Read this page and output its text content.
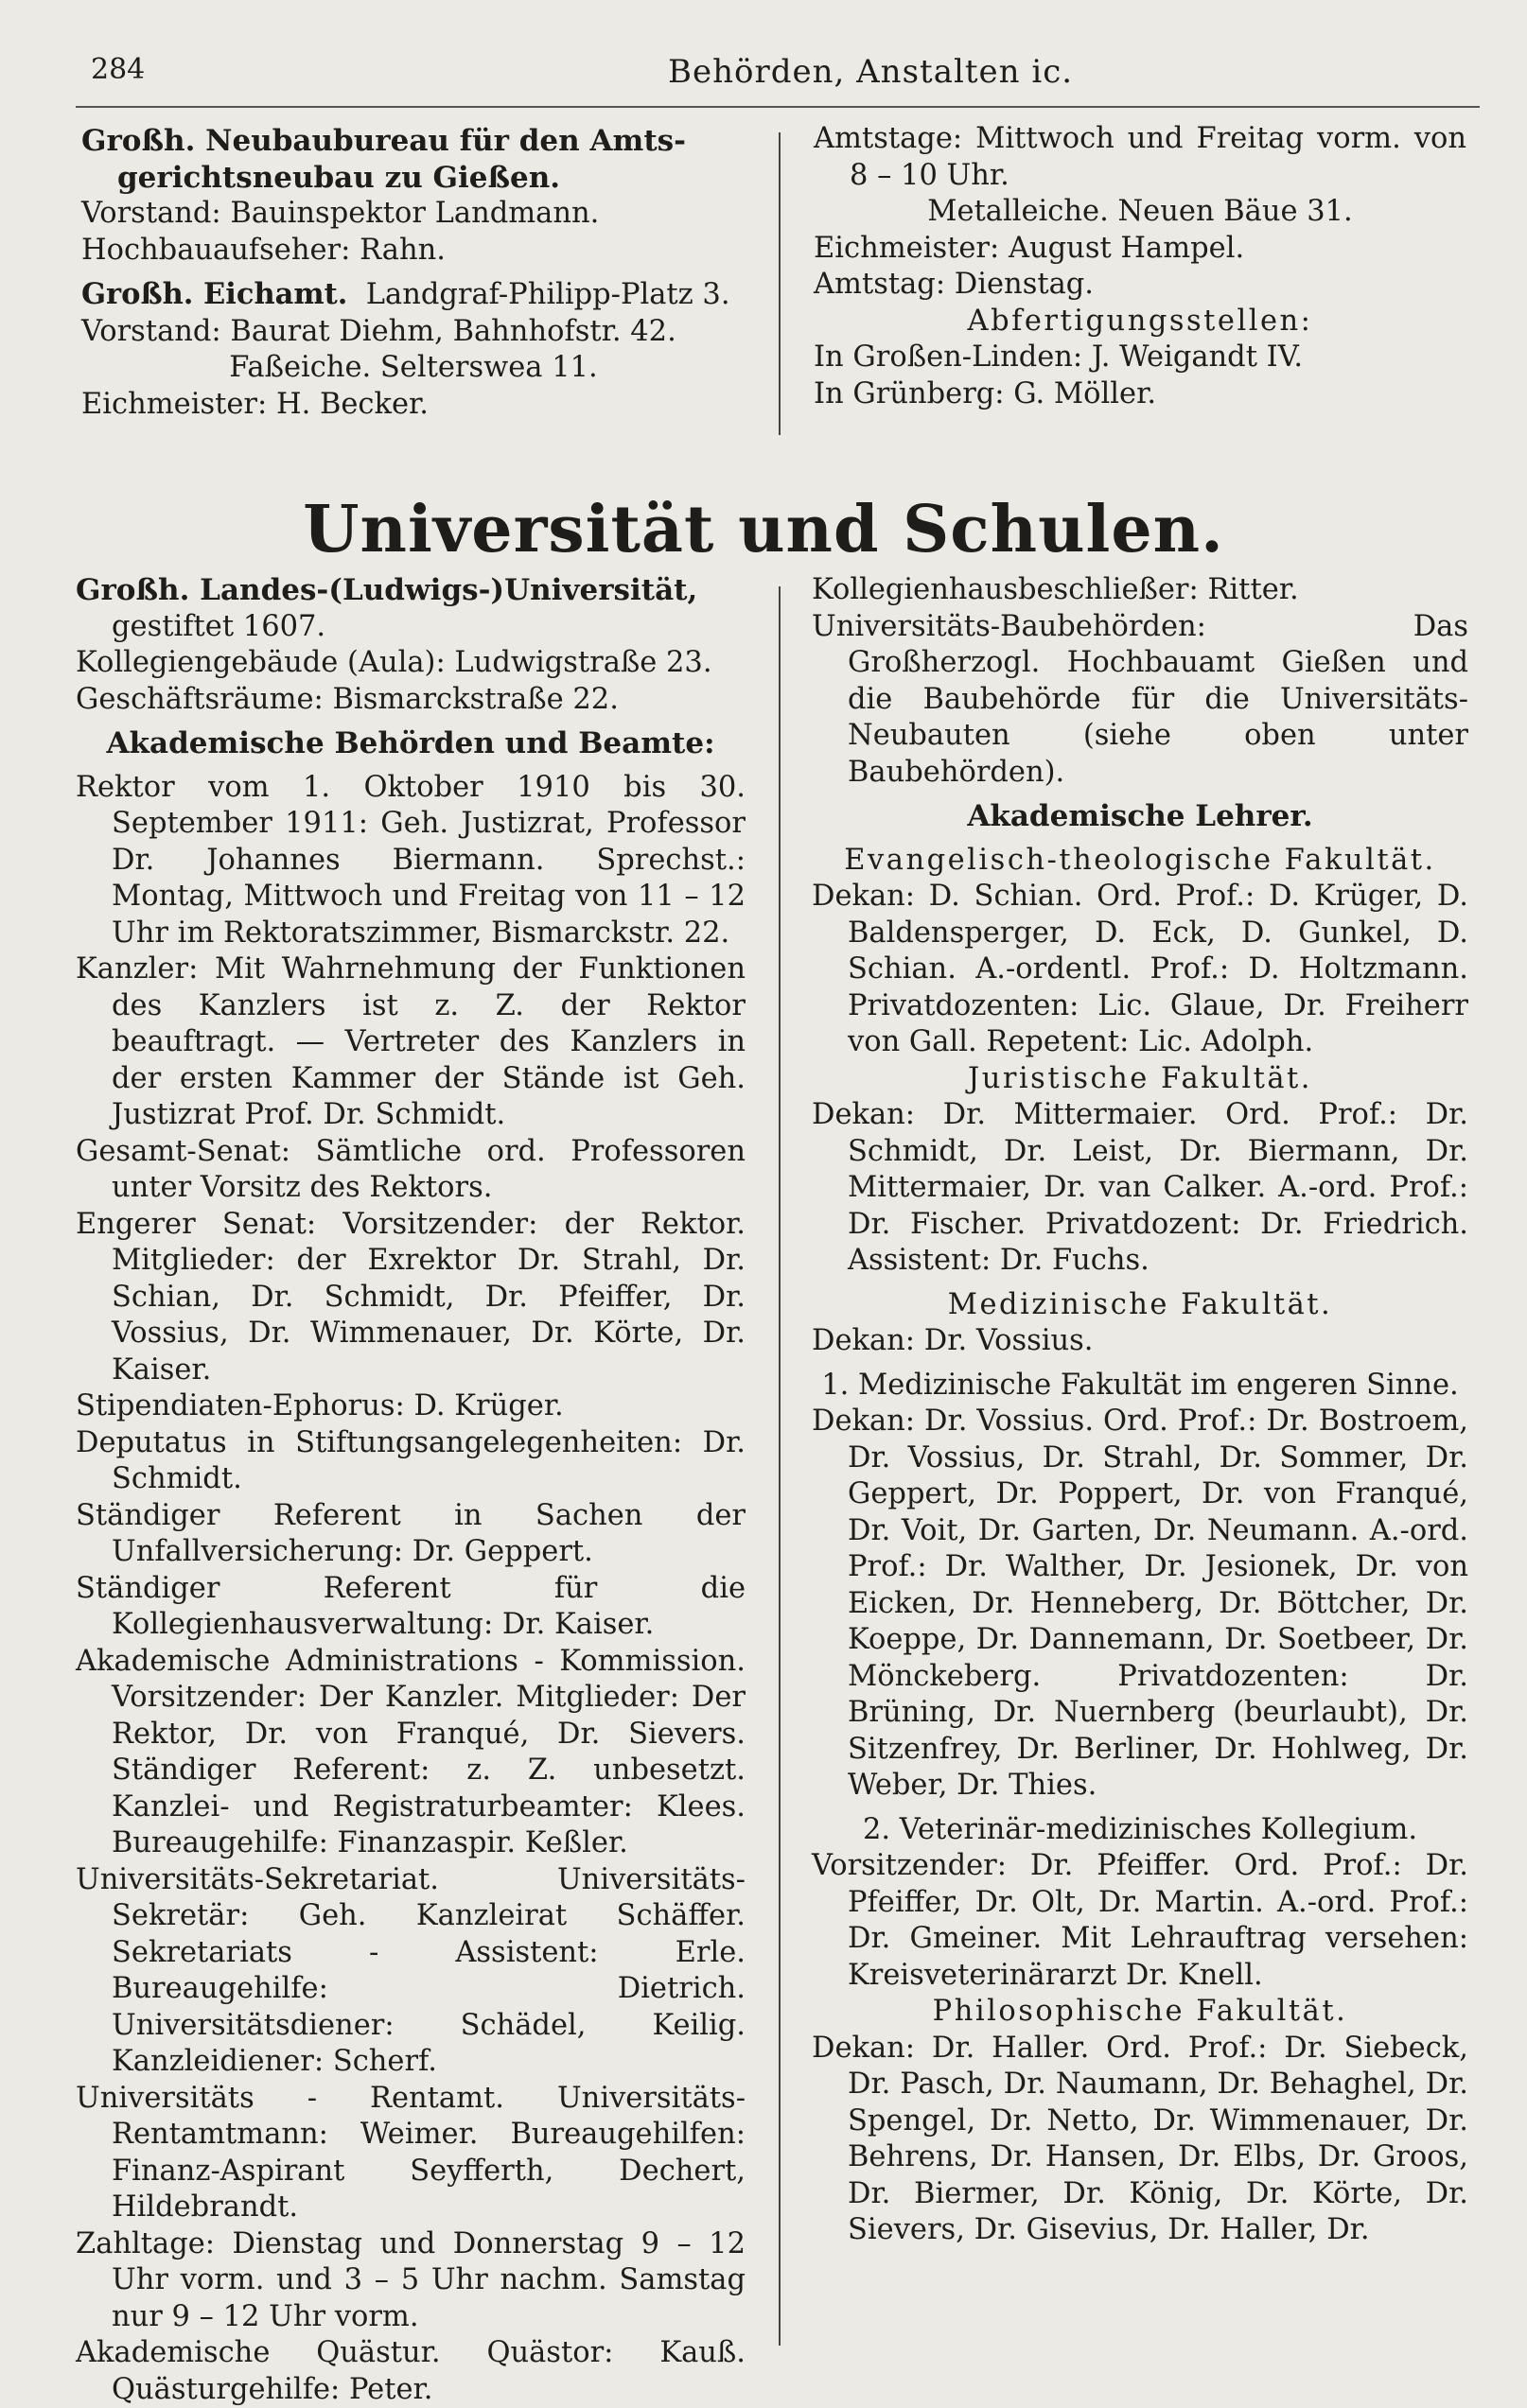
284	Behörden, Anstalten ic.

Großh. Neubaubureau für den Amts-

gerichtsneubau zu Gießen.

Vorstand: Bauinspektor Landmann.

Hochbauaufseher: Rahn.

Großh. Eichamt. Landgraf-Philipp-Platz 3.

Vorstand: Baurat Diehm, Bahnhofstr. 42.

Faßeiche. Selterswea 11.

Eichmeister: H. Becker.

Amtstage: Mittwoch und Freitag vorm. von 8 – 10 Uhr.

Metalleiche. Neuen Bäue 31.

Eichmeister: August Hampel.

Amtstag: Dienstag.

Abfertigungsstellen:

In Großen-Linden: J. Weigandt IV.

In Grünberg: G. Möller.

Universität und Schulen.

Großh. Landes-(Ludwigs-)Universität,

gestiftet 1607.

Kollegiengebäude (Aula): Ludwigstraße 23.

Geschäftsräume: Bismarckstraße 22.

Akademische Behörden und Beamte:

Rektor vom 1. Oktober 1910 bis 30. September 1911: Geh. Justizrat, Professor Dr. Johannes Biermann. Sprechst.: Montag, Mittwoch und Freitag von 11 – 12 Uhr im Rektoratszimmer, Bismarckstr. 22.

Kanzler: Mit Wahrnehmung der Funktionen des Kanzlers ist z. Z. der Rektor beauftragt. — Vertreter des Kanzlers in der ersten Kammer der Stände ist Geh. Justizrat Prof. Dr. Schmidt.

Gesamt-Senat: Sämtliche ord. Professoren unter Vorsitz des Rektors.

Engerer Senat: Vorsitzender: der Rektor. Mitglieder: der Exrektor Dr. Strahl, Dr. Schian, Dr. Schmidt, Dr. Pfeiffer, Dr. Vossius, Dr. Wimmenauer, Dr. Körte, Dr. Kaiser.

Stipendiaten-Ephorus: D. Krüger.

Deputatus in Stiftungsangelegenheiten: Dr. Schmidt.

Ständiger Referent in Sachen der Unfallversicherung: Dr. Geppert.

Ständiger Referent für die Kollegienhausverwaltung: Dr. Kaiser.

Akademische Administrations - Kommission. Vorsitzender: Der Kanzler. Mitglieder: Der Rektor, Dr. von Franqué, Dr. Sievers. Ständiger Referent: z. Z. unbesetzt. Kanzlei- und Registraturbeamter: Klees. Bureaugehilfe: Finanzaspir. Keßler.

Universitäts-Sekretariat. Universitäts-Sekretär: Geh. Kanzleirat Schäffer. Sekretariats - Assistent: Erle. Bureaugehilfe: Dietrich. Universitätsdiener: Schädel, Keilig. Kanzleidiener: Scherf.

Universitäts - Rentamt. Universitäts-Rentamtmann: Weimer. Bureaugehilfen: Finanz-Aspirant Seyfferth, Dechert, Hildebrandt.

Zahltage: Dienstag und Donnerstag 9 – 12 Uhr vorm. und 3 – 5 Uhr nachm. Samstag nur 9 – 12 Uhr vorm.

Akademische Quästur. Quästor: Kauß. Quästurgehilfe: Peter.

Kollegienhausbeschließer: Ritter.

Universitäts-Baubehörden: Das Großherzogl. Hochbauamt Gießen und die Baubehörde für die Universitäts-Neubauten (siehe oben unter Baubehörden).

Akademische Lehrer.

Evangelisch-theologische Fakultät.

Dekan: D. Schian. Ord. Prof.: D. Krüger, D. Baldensperger, D. Eck, D. Gunkel, D. Schian. A.-ordentl. Prof.: D. Holtzmann. Privatdozenten: Lic. Glaue, Dr. Freiherr von Gall. Repetent: Lic. Adolph.

Juristische Fakultät.

Dekan: Dr. Mittermaier. Ord. Prof.: Dr. Schmidt, Dr. Leist, Dr. Biermann, Dr. Mittermaier, Dr. van Calker. A.-ord. Prof.: Dr. Fischer. Privatdozent: Dr. Friedrich. Assistent: Dr. Fuchs.

Medizinische Fakultät.

Dekan: Dr. Vossius.

1. Medizinische Fakultät im engeren Sinne.

Dekan: Dr. Vossius. Ord. Prof.: Dr. Bostroem, Dr. Vossius, Dr. Strahl, Dr. Sommer, Dr. Geppert, Dr. Poppert, Dr. von Franqué, Dr. Voit, Dr. Garten, Dr. Neumann. A.-ord. Prof.: Dr. Walther, Dr. Jesionek, Dr. von Eicken, Dr. Henneberg, Dr. Böttcher, Dr. Koeppe, Dr. Dannemann, Dr. Soetbeer, Dr. Mönckeberg. Privatdozenten: Dr. Brüning, Dr. Nuernberg (beurlaubt), Dr. Sitzenfrey, Dr. Berliner, Dr. Hohlweg, Dr. Weber, Dr. Thies.

2. Veterinär-medizinisches Kollegium.

Vorsitzender: Dr. Pfeiffer. Ord. Prof.: Dr. Pfeiffer, Dr. Olt, Dr. Martin. A.-ord. Prof.: Dr. Gmeiner. Mit Lehrauftrag versehen: Kreisveterinärarzt Dr. Knell.

Philosophische Fakultät.

Dekan: Dr. Haller. Ord. Prof.: Dr. Siebeck, Dr. Pasch, Dr. Naumann, Dr. Behaghel, Dr. Spengel, Dr. Netto, Dr. Wimmenauer, Dr. Behrens, Dr. Hansen, Dr. Elbs, Dr. Groos, Dr. Biermer, Dr. König, Dr. Körte, Dr. Sievers, Dr. Gisevius, Dr. Haller, Dr.
